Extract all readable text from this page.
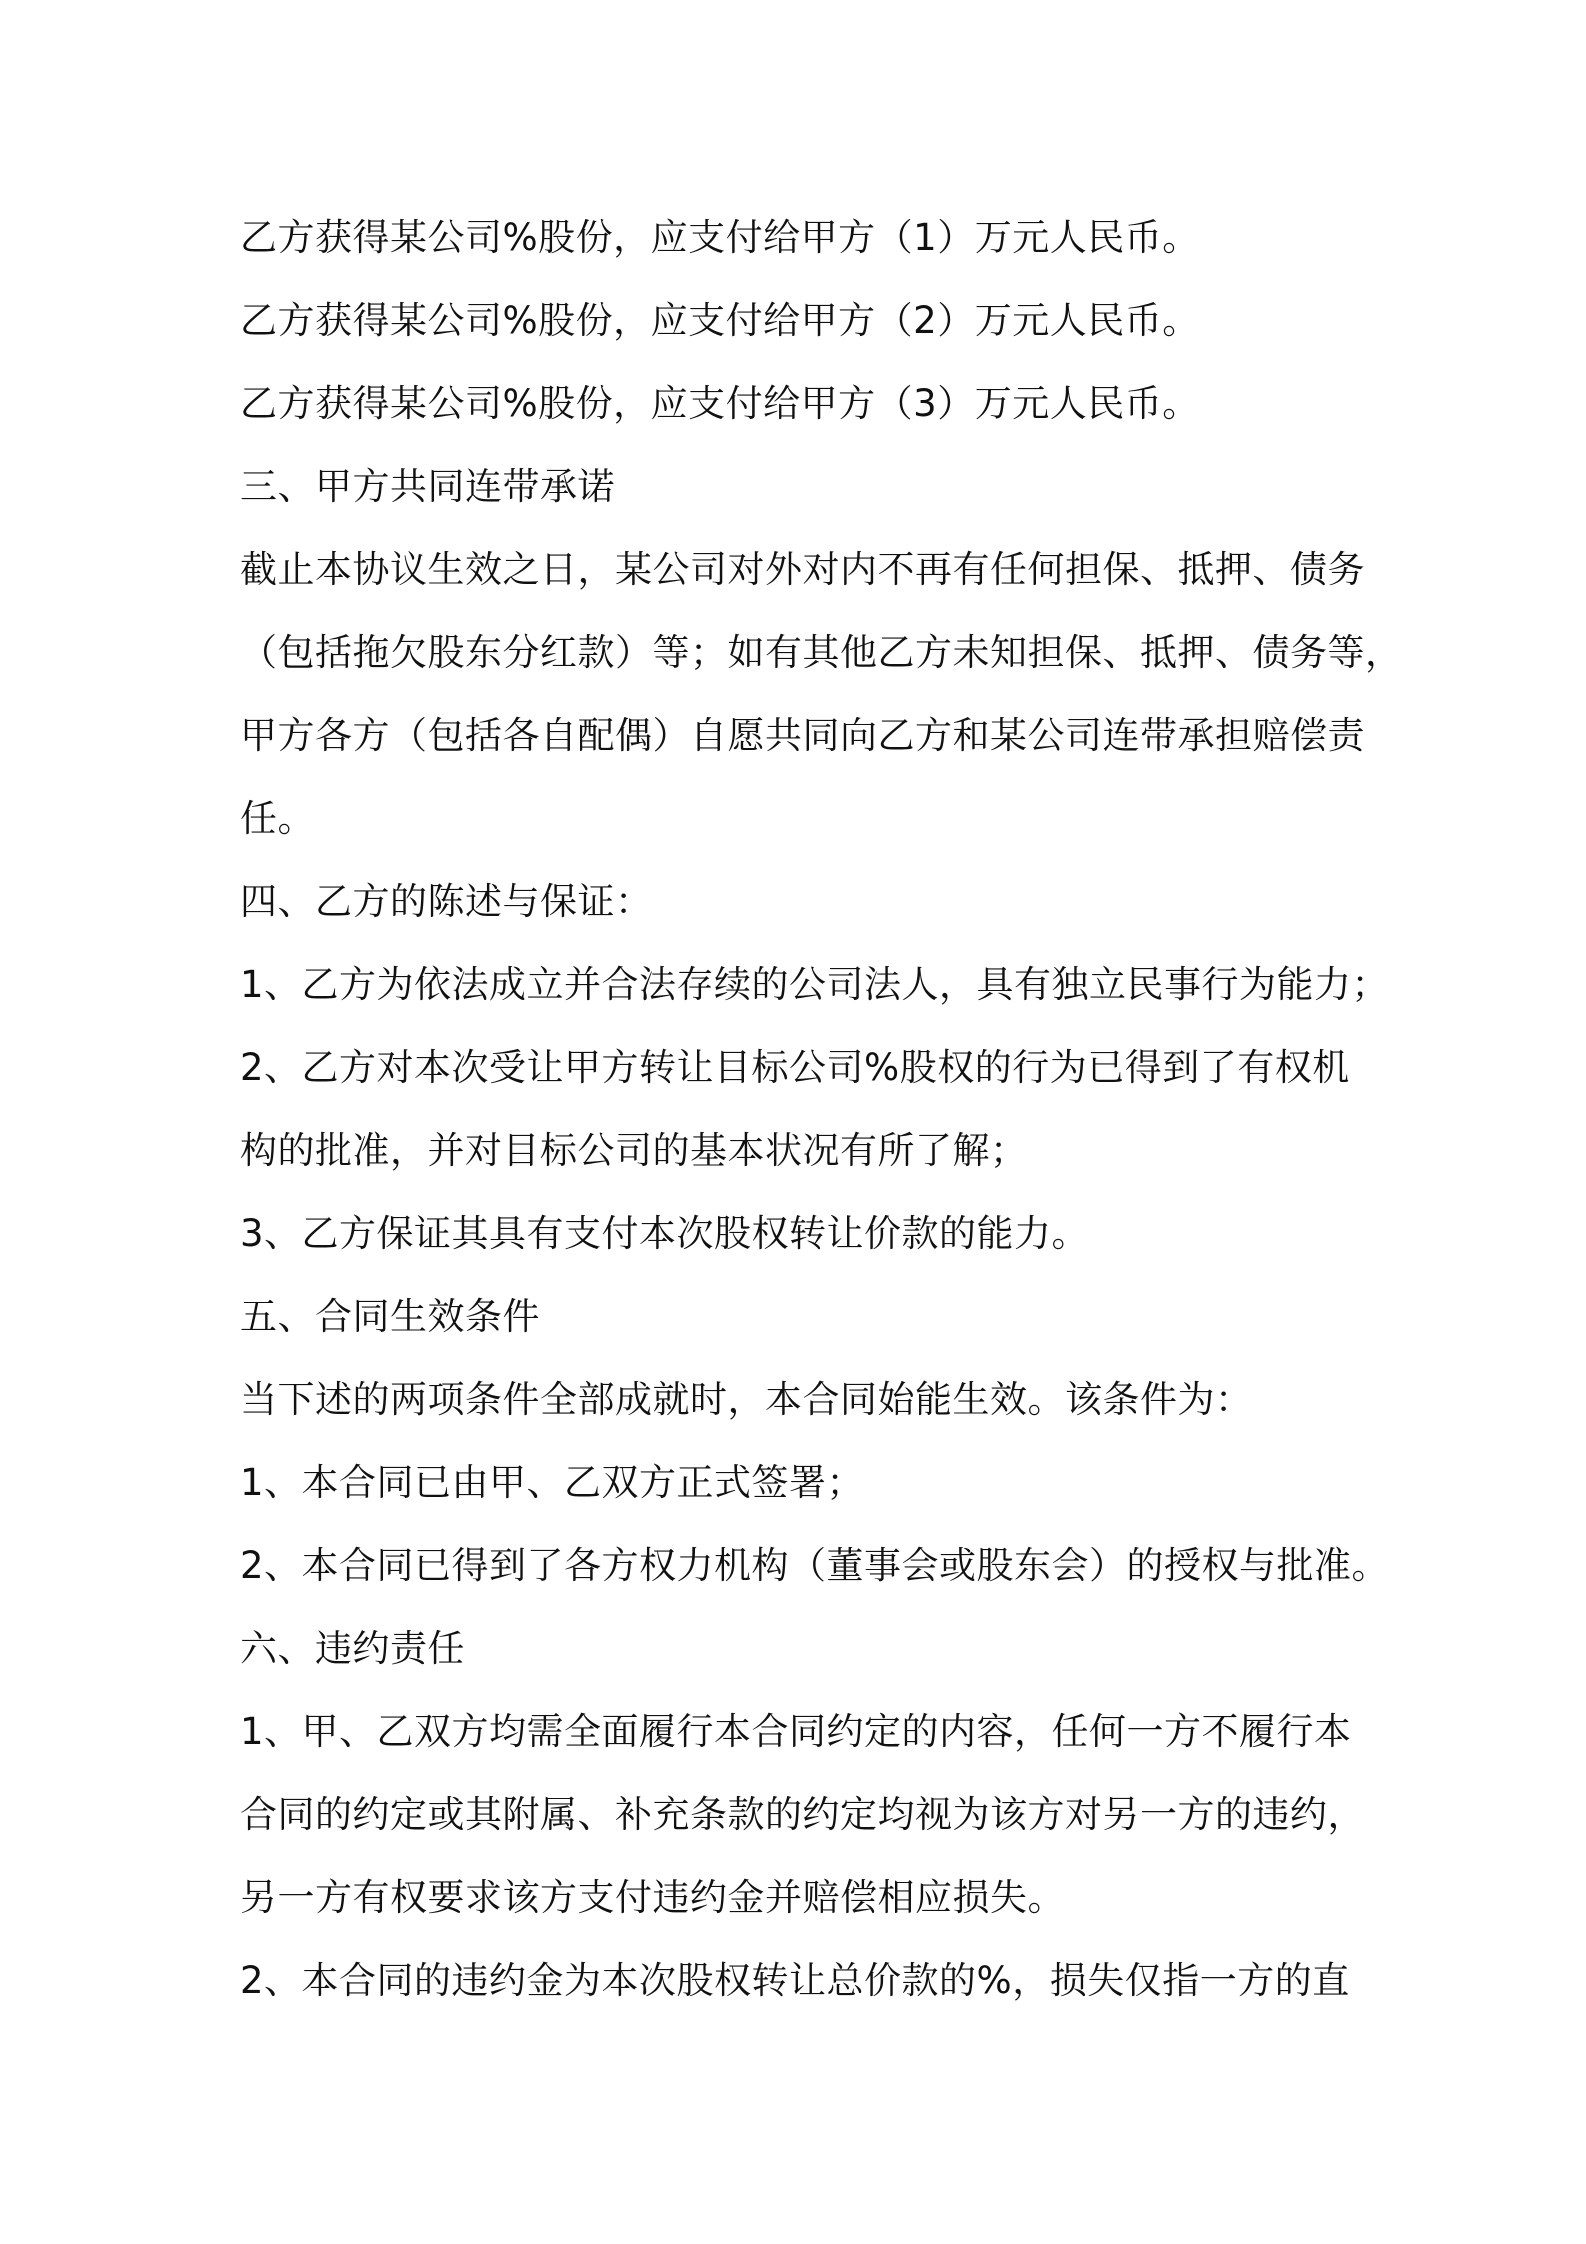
乙方获得某公司%股份，应支付给甲方（1）万元人民币。
乙方获得某公司%股份，应支付给甲方（2）万元人民币。
乙方获得某公司%股份，应支付给甲方（3）万元人民币。
三、甲方共同连带承诺
截止本协议生效之日，某公司对外对内不再有任何担保、抵押、债务
（包括拖欠股东分红款）等；如有其他乙方未知担保、抵押、债务等，
甲方各方（包括各自配偶）自愿共同向乙方和某公司连带承担赔偿责
任。
四、乙方的陈述与保证：
1、乙方为依法成立并合法存续的公司法人，具有独立民事行为能力；
2、乙方对本次受让甲方转让目标公司%股权的行为已得到了有权机
构的批准，并对目标公司的基本状况有所了解；
3、乙方保证其具有支付本次股权转让价款的能力。
五、合同生效条件
当下述的两项条件全部成就时，本合同始能生效。该条件为：
1、本合同已由甲、乙双方正式签署；
2、本合同已得到了各方权力机构（董事会或股东会）的授权与批准。
六、违约责任
1、甲、乙双方均需全面履行本合同约定的内容，任何一方不履行本
合同的约定或其附属、补充条款的约定均视为该方对另一方的违约，
另一方有权要求该方支付违约金并赔偿相应损失。
2、本合同的违约金为本次股权转让总价款的%，损失仅指一方的直
